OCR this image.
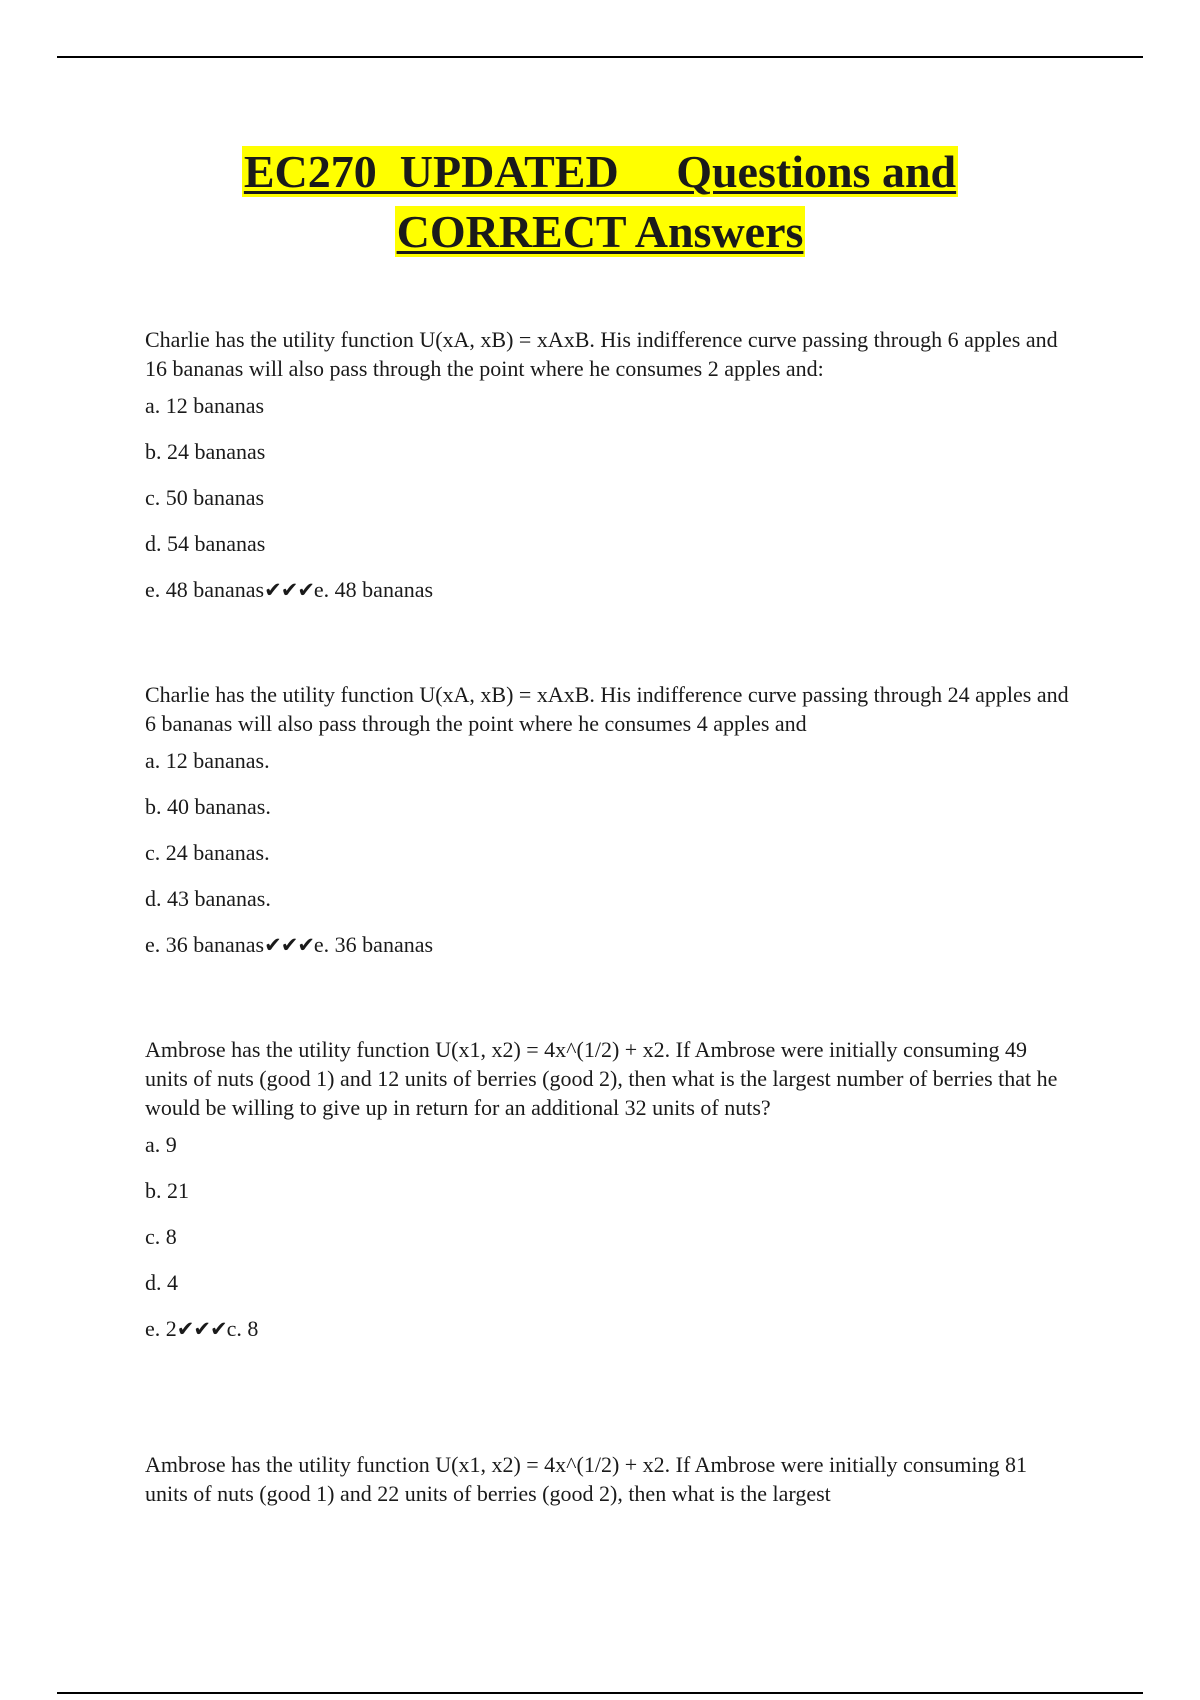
EC270  UPDATED     Questions and
CORRECT Answers
Charlie has the utility function U(xA, xB) = xAxB. His indifference curve passing through 6 apples and 16 bananas will also pass through the point where he consumes 2 apples and:
a. 12 bananas
b. 24 bananas
c. 50 bananas
d. 54 bananas
e. 48 bananas✔✔✔e. 48 bananas
Charlie has the utility function U(xA, xB) = xAxB. His indifference curve passing through 24 apples and 6 bananas will also pass through the point where he consumes 4 apples and
a. 12 bananas.
b. 40 bananas.
c. 24 bananas.
d. 43 bananas.
e. 36 bananas✔✔✔e. 36 bananas
Ambrose has the utility function U(x1, x2) = 4x^(1/2) + x2. If Ambrose were initially consuming 49 units of nuts (good 1) and 12 units of berries (good 2), then what is the largest number of berries that he would be willing to give up in return for an additional 32 units of nuts?
a. 9
b. 21
c. 8
d. 4
e. 2✔✔✔c. 8
Ambrose has the utility function U(x1, x2) = 4x^(1/2) + x2. If Ambrose were initially consuming 81 units of nuts (good 1) and 22 units of berries (good 2), then what is the largest
